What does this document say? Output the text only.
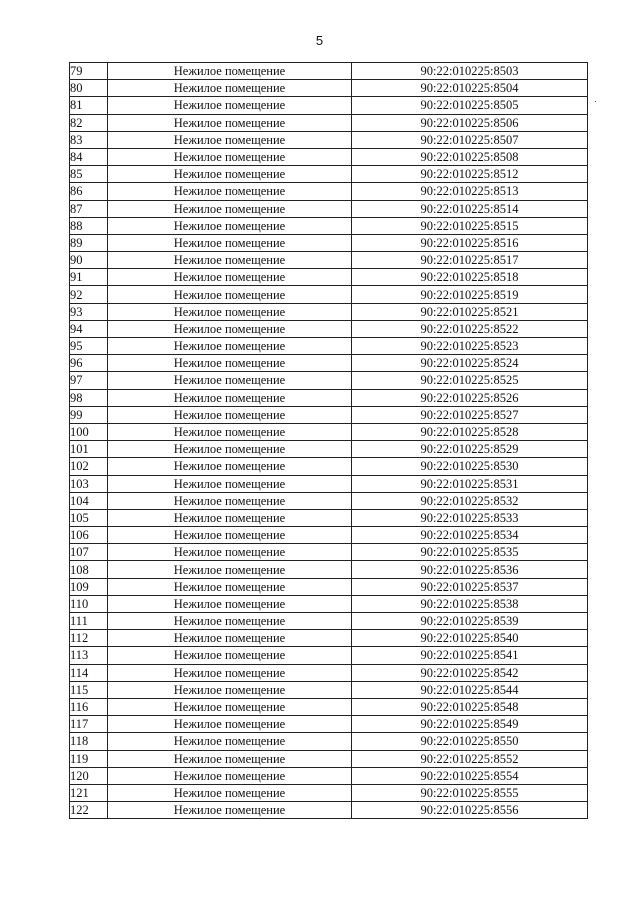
5
79	Нежилое помещение	90:22:010225:8503
80	Нежилое помещение	90:22:010225:8504
81	Нежилое помещение	90:22:010225:8505
82	Нежилое помещение	90:22:010225:8506
83	Нежилое помещение	90:22:010225:8507
84	Нежилое помещение	90:22:010225:8508
85	Нежилое помещение	90:22:010225:8512
86	Нежилое помещение	90:22:010225:8513
87	Нежилое помещение	90:22:010225:8514
88	Нежилое помещение	90:22:010225:8515
89	Нежилое помещение	90:22:010225:8516
90	Нежилое помещение	90:22:010225:8517
91	Нежилое помещение	90:22:010225:8518
92	Нежилое помещение	90:22:010225:8519
93	Нежилое помещение	90:22:010225:8521
94	Нежилое помещение	90:22:010225:8522
95	Нежилое помещение	90:22:010225:8523
96	Нежилое помещение	90:22:010225:8524
97	Нежилое помещение	90:22:010225:8525
98	Нежилое помещение	90:22:010225:8526
99	Нежилое помещение	90:22:010225:8527
100	Нежилое помещение	90:22:010225:8528
101	Нежилое помещение	90:22:010225:8529
102	Нежилое помещение	90:22:010225:8530
103	Нежилое помещение	90:22:010225:8531
104	Нежилое помещение	90:22:010225:8532
105	Нежилое помещение	90:22:010225:8533
106	Нежилое помещение	90:22:010225:8534
107	Нежилое помещение	90:22:010225:8535
108	Нежилое помещение	90:22:010225:8536
109	Нежилое помещение	90:22:010225:8537
110	Нежилое помещение	90:22:010225:8538
111	Нежилое помещение	90:22:010225:8539
112	Нежилое помещение	90:22:010225:8540
113	Нежилое помещение	90:22:010225:8541
114	Нежилое помещение	90:22:010225:8542
115	Нежилое помещение	90:22:010225:8544
116	Нежилое помещение	90:22:010225:8548
117	Нежилое помещение	90:22:010225:8549
118	Нежилое помещение	90:22:010225:8550
119	Нежилое помещение	90:22:010225:8552
120	Нежилое помещение	90:22:010225:8554
121	Нежилое помещение	90:22:010225:8555
122	Нежилое помещение	90:22:010225:8556
